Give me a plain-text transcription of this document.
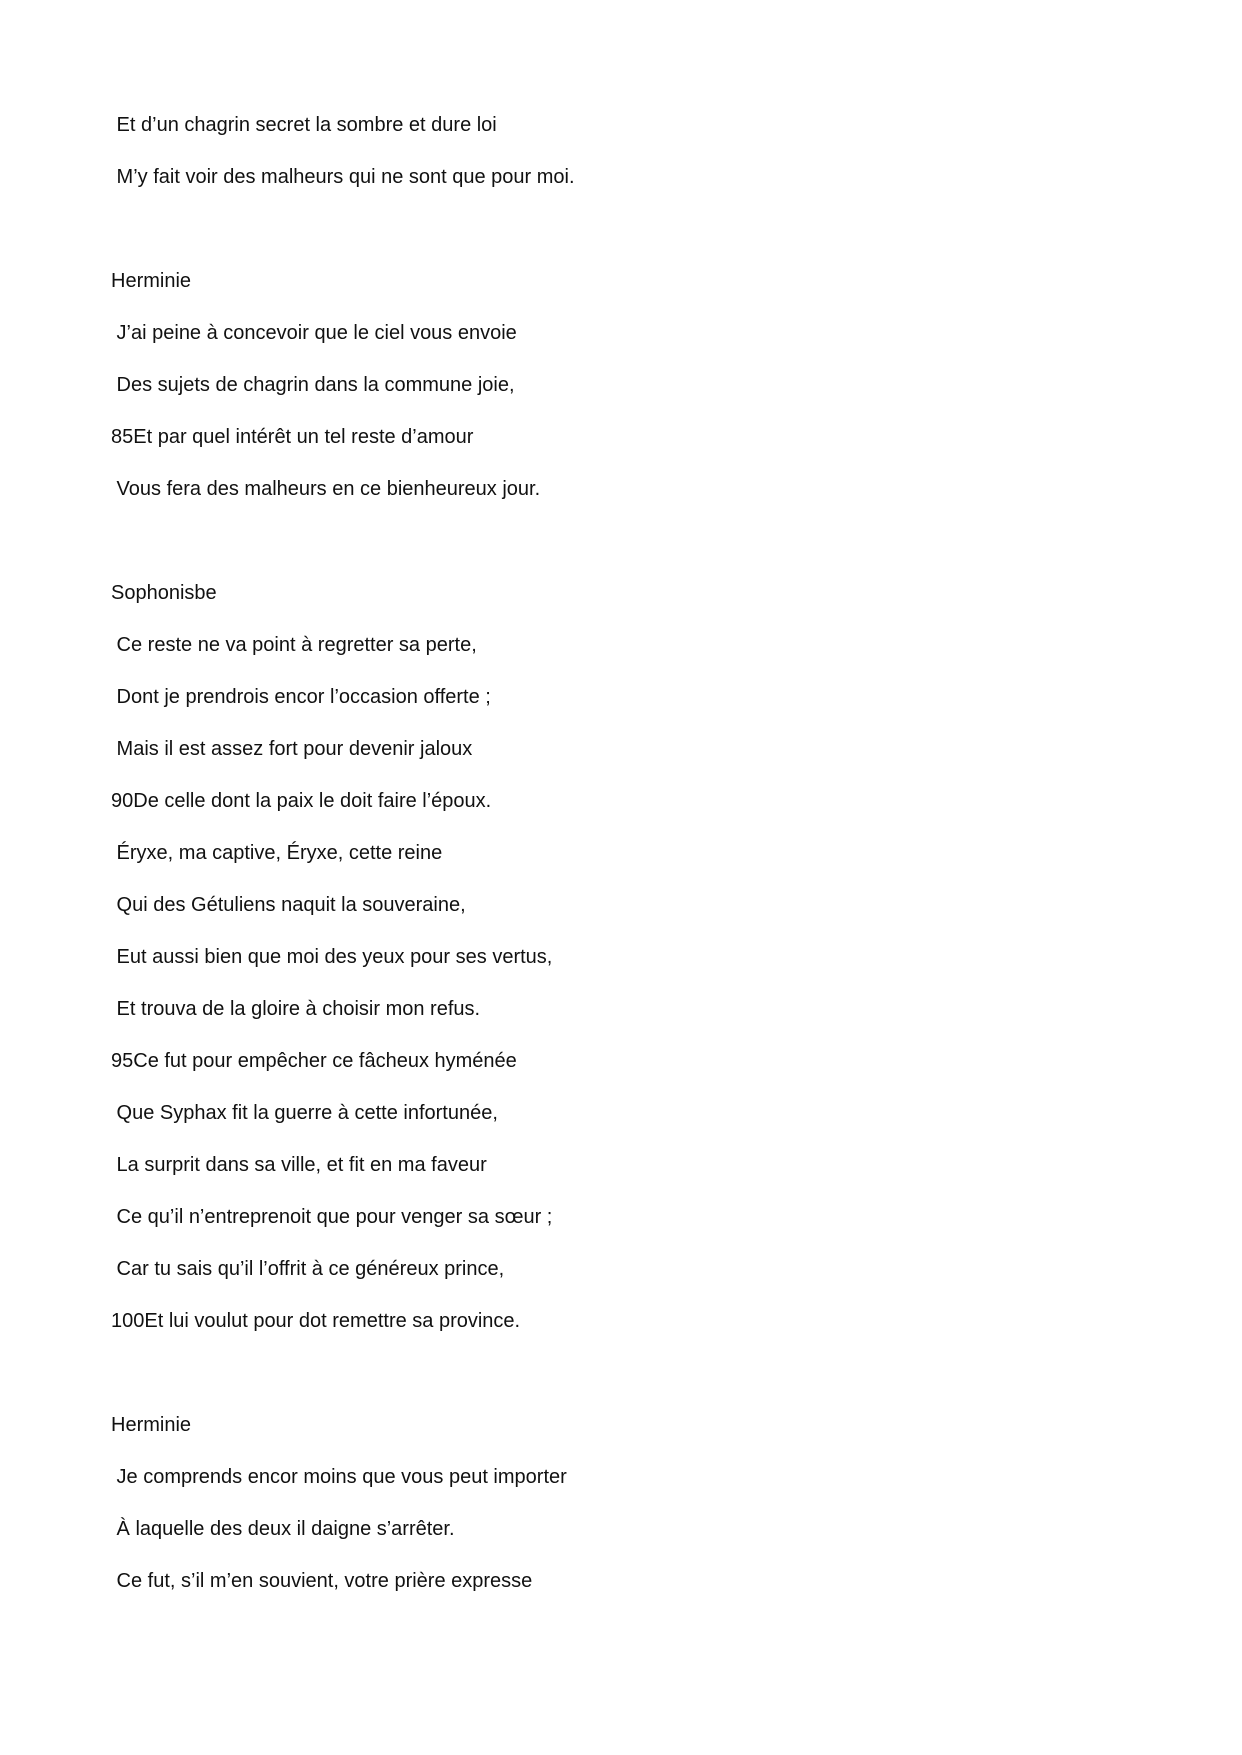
Et d’un chagrin secret la sombre et dure loi
M’y fait voir des malheurs qui ne sont que pour moi.
Herminie
J’ai peine à concevoir que le ciel vous envoie
Des sujets de chagrin dans la commune joie,
85Et par quel intérêt un tel reste d’amour
Vous fera des malheurs en ce bienheureux jour.
Sophonisbe
Ce reste ne va point à regretter sa perte,
Dont je prendrois encor l’occasion offerte ;
Mais il est assez fort pour devenir jaloux
90De celle dont la paix le doit faire l’époux.
Éryxe, ma captive, Éryxe, cette reine
Qui des Gétuliens naquit la souveraine,
Eut aussi bien que moi des yeux pour ses vertus,
Et trouva de la gloire à choisir mon refus.
95Ce fut pour empêcher ce fâcheux hyménée
Que Syphax fit la guerre à cette infortunée,
La surprit dans sa ville, et fit en ma faveur
Ce qu’il n’entreprenoit que pour venger sa sœur ;
Car tu sais qu’il l’offrit à ce généreux prince,
100Et lui voulut pour dot remettre sa province.
Herminie
Je comprends encor moins que vous peut importer
À laquelle des deux il daigne s’arrêter.
Ce fut, s’il m’en souvient, votre prière expresse
